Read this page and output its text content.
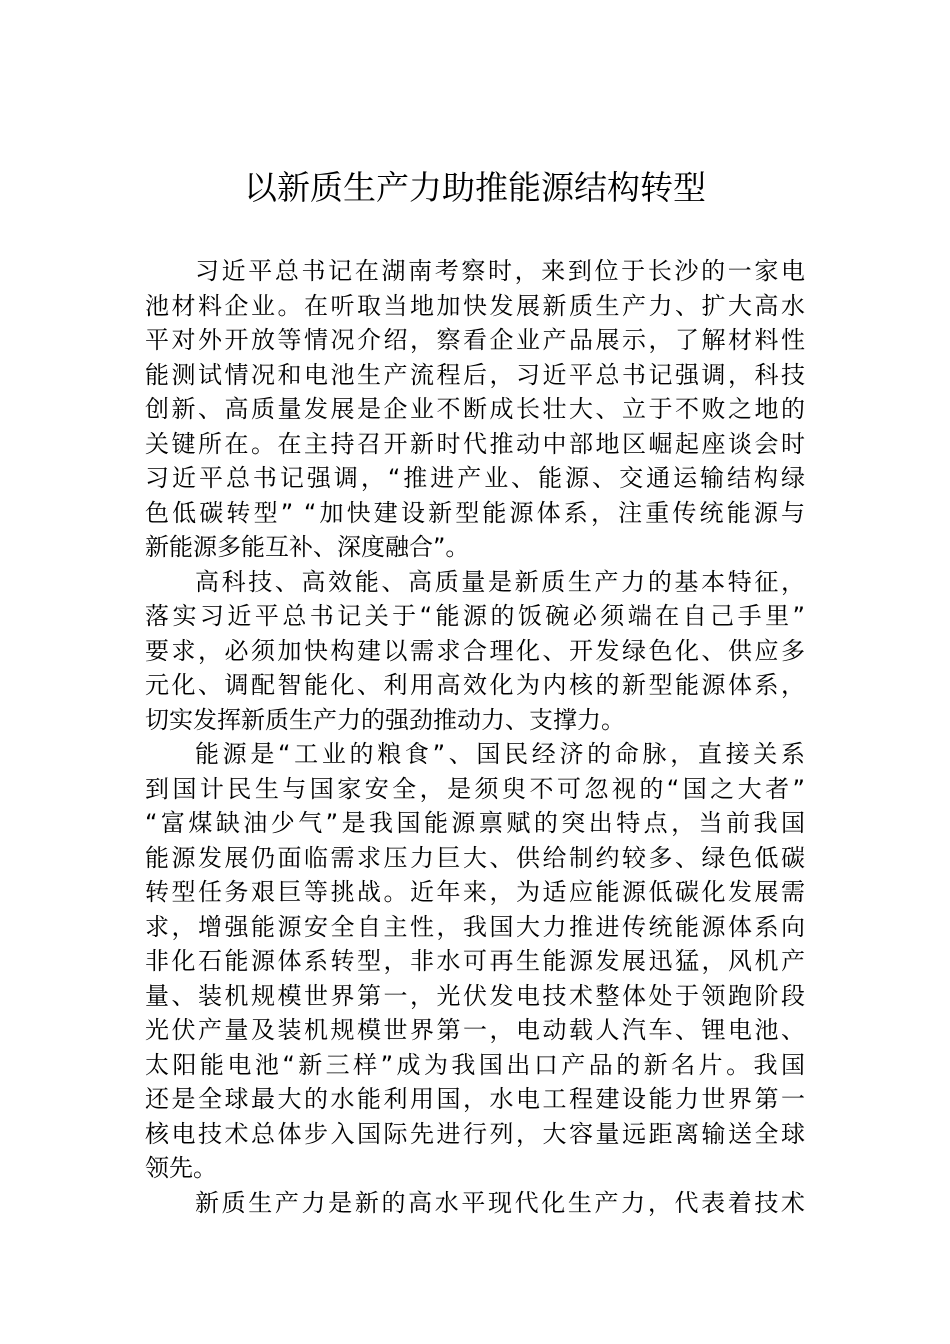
以新质生产力助推能源结构转型
习近平总书记在湖南考察时，来到位于长沙的一家电
池材料企业。在听取当地加快发展新质生产力、扩大高水
平对外开放等情况介绍，察看企业产品展示，了解材料性
能测试情况和电池生产流程后，习近平总书记强调，科技
创新、高质量发展是企业不断成长壮大、立于不败之地的
关键所在。在主持召开新时代推动中部地区崛起座谈会时
习近平总书记强调，“推进产业、能源、交通运输结构绿
色低碳转型” “加快建设新型能源体系，注重传统能源与
新能源多能互补、深度融合”。
高科技、高效能、高质量是新质生产力的基本特征，
落实习近平总书记关于“能源的饭碗必须端在自己手里”
要求，必须加快构建以需求合理化、开发绿色化、供应多
元化、调配智能化、利用高效化为内核的新型能源体系，
切实发挥新质生产力的强劲推动力、支撑力。
能源是“工业的粮食”、国民经济的命脉，直接关系
到国计民生与国家安全，是须臾不可忽视的“国之大者”
“富煤缺油少气”是我国能源禀赋的突出特点，当前我国
能源发展仍面临需求压力巨大、供给制约较多、绿色低碳
转型任务艰巨等挑战。近年来，为适应能源低碳化发展需
求，增强能源安全自主性，我国大力推进传统能源体系向
非化石能源体系转型，非水可再生能源发展迅猛，风机产
量、装机规模世界第一，光伏发电技术整体处于领跑阶段
光伏产量及装机规模世界第一，电动载人汽车、锂电池、
太阳能电池“新三样”成为我国出口产品的新名片。我国
还是全球最大的水能利用国，水电工程建设能力世界第一
核电技术总体步入国际先进行列，大容量远距离输送全球
领先。
新质生产力是新的高水平现代化生产力，代表着技术
